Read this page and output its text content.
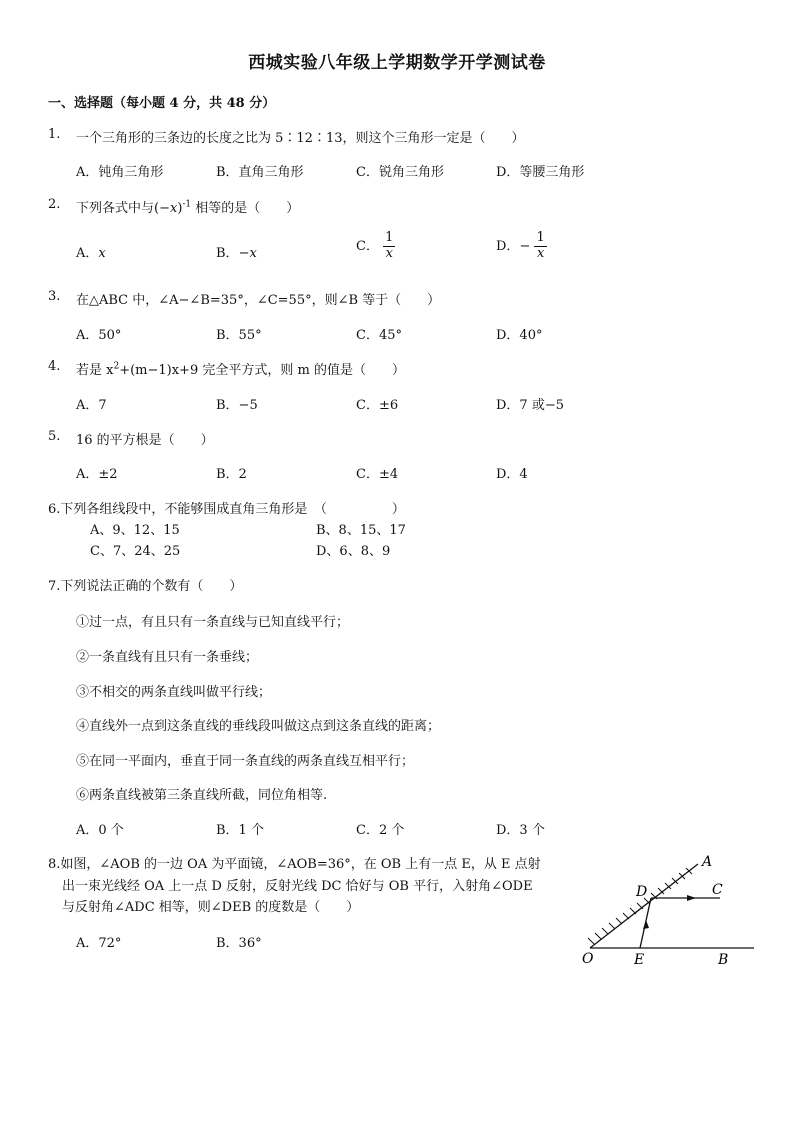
西城实验八年级上学期数学开学测试卷
一、选择题（每小题 4 分，共 48 分）
1. 一个三角形的三条边的长度之比为 5∶12∶13，则这个三角形一定是（　　）
A．钝角三角形	B．直角三角形	C．锐角三角形	D．等腰三角形
2. 下列各式中与$(-x)^{-1}$ 相等的是（　　）
A．x	B．−x	C． $\frac{1}{x}$	D．− $\frac{1}{x}$
3. 在△ABC 中，∠A−∠B=35°，∠C=55°，则∠B 等于（　　）
A．50°	B．55°	C．45°	D．40°
4. 若是 $x^2+(m-1)x+9$ 完全平方式，则 m 的值是（　　）
A．7	B．−5	C．±6	D．7 或−5
5. 16 的平方根是（　　）
A．±2	B．2	C．±4	D．4
6.下列各组线段中，不能够围成直角三角形是　（　　　　　）
A、9、12、15	B、8、15、17
C、7、24、25	D、6、8、9
7.下列说法正确的个数有（　　）
①过一点，有且只有一条直线与已知直线平行；
②一条直线有且只有一条垂线；
③不相交的两条直线叫做平行线；
④直线外一点到这条直线的垂线段叫做这点到这条直线的距离；
⑤在同一平面内，垂直于同一条直线的两条直线互相平行；
⑥两条直线被第三条直线所截，同位角相等.
A．0 个	B．1 个	C．2 个	D．3 个
8.如图，∠AOB 的一边 OA 为平面镜，∠AOB=36°，在 OB 上有一点 E，从 E 点射
出一束光线经 OA 上一点 D 反射，反射光线 DC 恰好与 OB 平行，入射角∠ODE
与反射角∠ADC 相等，则∠DEB 的度数是（　　）
A．72°	B．36°
A
D	C
O	E	B
